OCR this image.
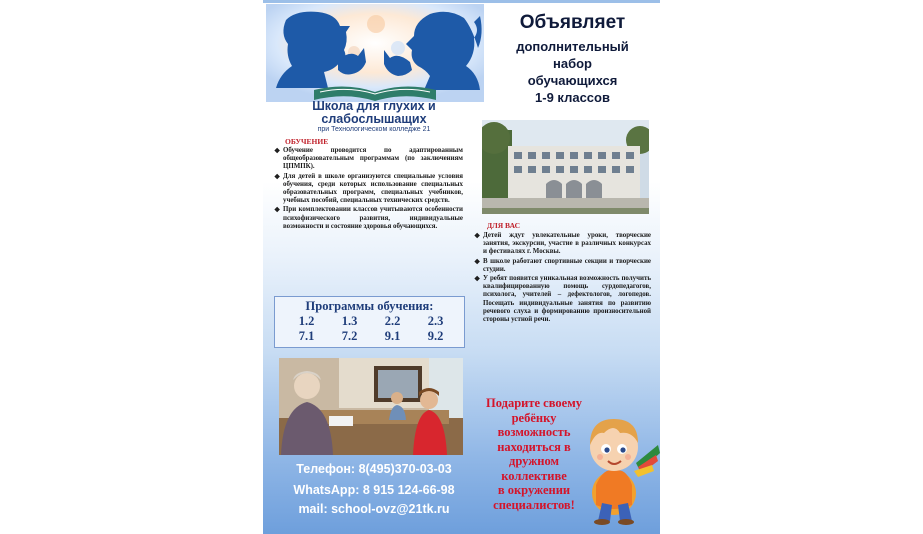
Школа для глухих и слабослышащих
при Технологическом колледже 21
Объявляет
дополнительный
набор
обучающихся
1-9 классов
ОБУЧЕНИЕ
❖ Обучение проводится по адаптированным общеобразовательным программам (по заключениям ЦПМПК).
❖ Для детей в школе организуются специальные условия обучения, среди которых использование специальных образовательных программ, специальных учебников, учебных пособий, специальных технических средств.
❖ При комплектовании классов учитываются особенности психофизического развития, индивидуальные возможности и состояние здоровья обучающихся.
Программы обучения:
1.2	1.3	2.2	2.3
7.1	7.2	9.1	9.2
ДЛЯ ВАС
❖ Детей ждут увлекательные уроки, творческие занятия, экскурсии, участие в различных конкурсах и фестивалях г. Москвы.
❖ В школе работают спортивные секции и творческие студии.
❖ У ребят появится уникальная возможность получить квалифицированную помощь сурдопедагогов, психолога, учителей – дефектологов, логопедов. Посещать индивидуальные занятия по развитию речевого слуха и формированию произносительной стороны устной речи.
Телефон: 8(495)370-03-03
WhatsApp: 8 915 124-66-98
mail: school-ovz@21tk.ru
Подарите своему
ребёнку
возможность
находиться в
дружном
коллективе
в окружении
специалистов!
